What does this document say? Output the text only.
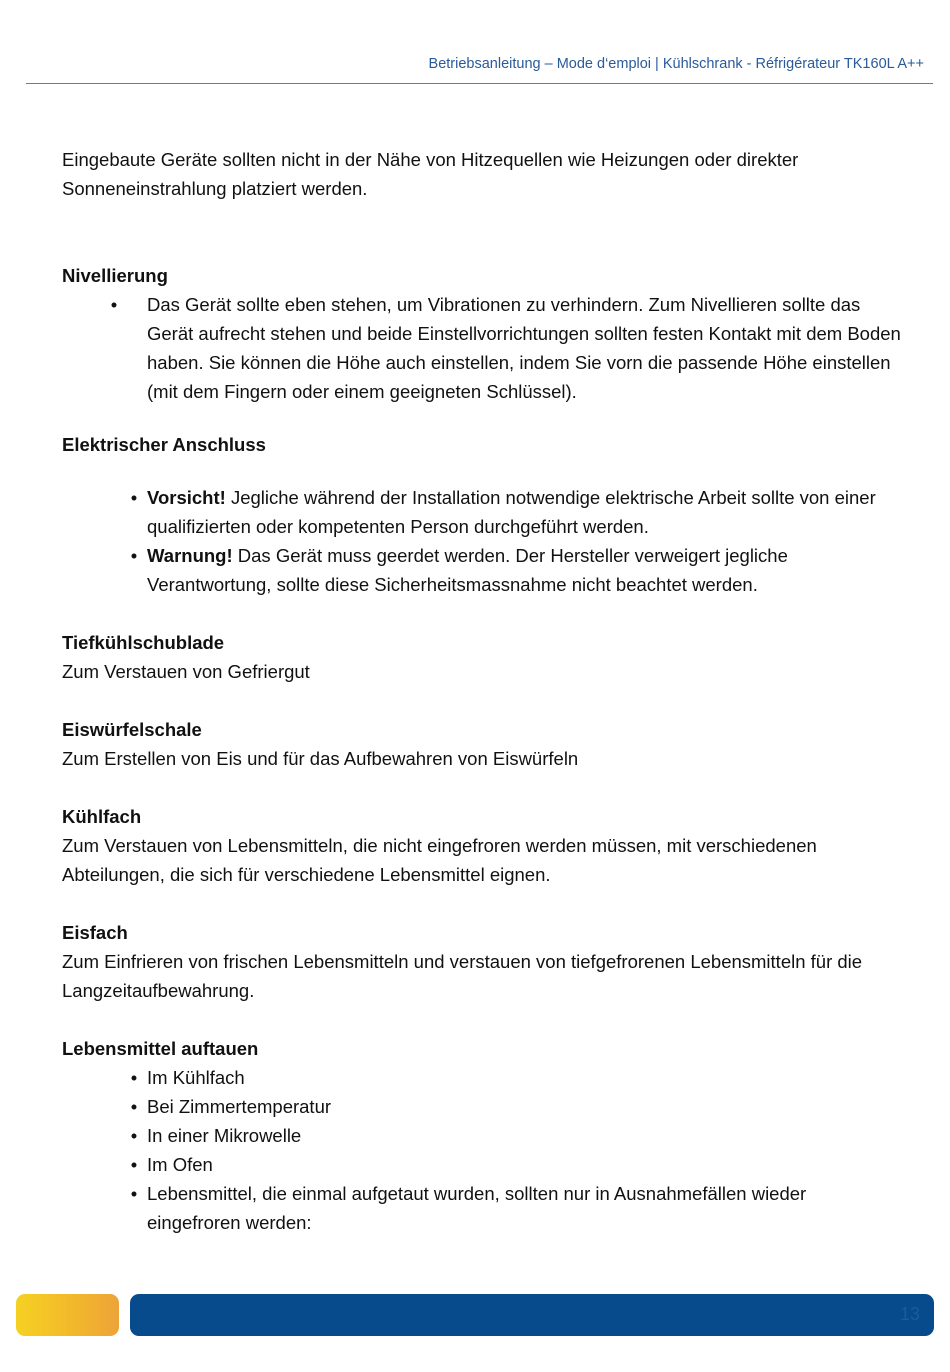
Betriebsanleitung – Mode d‘emploi | Kühlschrank - Réfrigérateur TK160L A++

Eingebaute Geräte sollten nicht in der Nähe von Hitzequellen wie Heizungen oder direkter Sonneneinstrahlung platziert werden.

Nivellierung
•	Das Gerät sollte eben stehen, um Vibrationen zu verhindern. Zum Nivellieren sollte das Gerät aufrecht stehen und beide Einstellvorrichtungen sollten festen Kontakt mit dem Boden haben. Sie können die Höhe auch einstellen, indem Sie vorn die passende Höhe einstellen (mit dem Fingern oder einem geeigneten Schlüssel).
Elektrischer Anschluss
• Vorsicht! Jegliche während der Installation notwendige elektrische Arbeit sollte von einer qualifizierten oder kompetenten Person durchgeführt werden.
• Warnung! Das Gerät muss geerdet werden. Der Hersteller verweigert jegliche Verantwortung, sollte diese Sicherheitsmassnahme nicht beachtet werden.
Tiefkühlschublade

Zum Verstauen von Gefriergut

Eiswürfelschale

Zum Erstellen von Eis und für das Aufbewahren von Eiswürfeln

Kühlfach

Zum Verstauen von Lebensmitteln, die nicht eingefroren werden müssen, mit verschiedenen Abteilungen, die sich für verschiedene Lebensmittel eignen.

Eisfach

Zum Einfrieren von frischen Lebensmitteln und verstauen von tiefgefrorenen Lebensmitteln für die Langzeitaufbewahrung.

Lebensmittel auftauen
• Im Kühlfach
• Bei Zimmertemperatur
• In einer Mikrowelle
• Im Ofen
• Lebensmittel, die einmal aufgetaut wurden, sollten nur in Ausnahmefällen wieder eingefroren werden:
13
